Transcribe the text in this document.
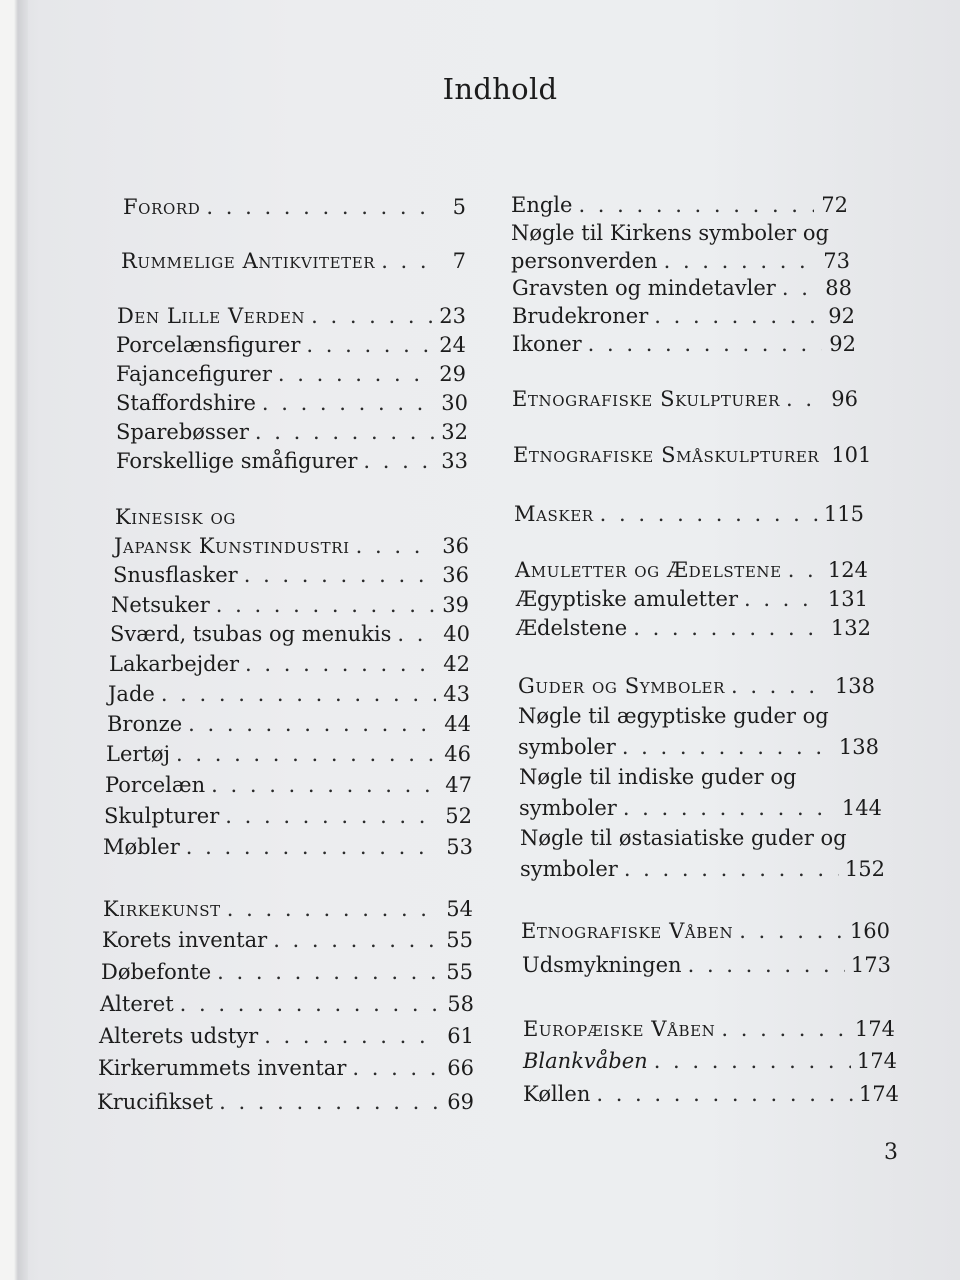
Indhold
Forord . . .	5
Rummelige Antikviteter . . .	7
Den Lille Verden . . .	23
Porcelænsfigurer . . .	24
Fajancefigurer . . .	29
Staffordshire . . .	30
Sparebøsser . . .	32
Forskellige småfigurer . . .	33
Kinesisk og
Japansk Kunstindustri . . .	36
Snusflasker . . .	36
Netsuker . . .	39
Sværd, tsubas og menukis . . . 40
Lakarbejder . . .	42
Jade . . .	43
Bronze . . .	44
Lertøj . . .	46
Porcelæn . . .	47
Skulpturer . . .	52
Møbler . . .	53
Kirkekunst . . .	54
Korets inventar . . .	55
Døbefonte . . .	55
Alteret . . .	58
Alterets udstyr . . .	61
Kirkerummets inventar . . .	66
Krucifikset . . .	69
Engle . . .	72
Nøgle til Kirkens symboler og
personverden . . .	73
Gravsten og mindetavler . . . 88
Brudekroner . . .	92
Ikoner . . .	92
Etnografiske Skulpturer . . . 96
Etnografiske Småskulpturer 101
Masker . . .	115
Amuletter og Ædelstene . . . 124
Ægyptiske amuletter . . .	131
Ædelstene . . .	132
Guder og Symboler . . .	138
Nøgle til ægyptiske guder og
symboler . . .	138
Nøgle til indiske guder og
symboler . . .	144
Nøgle til østasiatiske guder og
symboler . . .	152
Etnografiske Våben . . .	160
Udsmykningen . . .	173
Europæiske Våben . . .	174
Blankvåben . . .	174
Køllen . . .	174
3
